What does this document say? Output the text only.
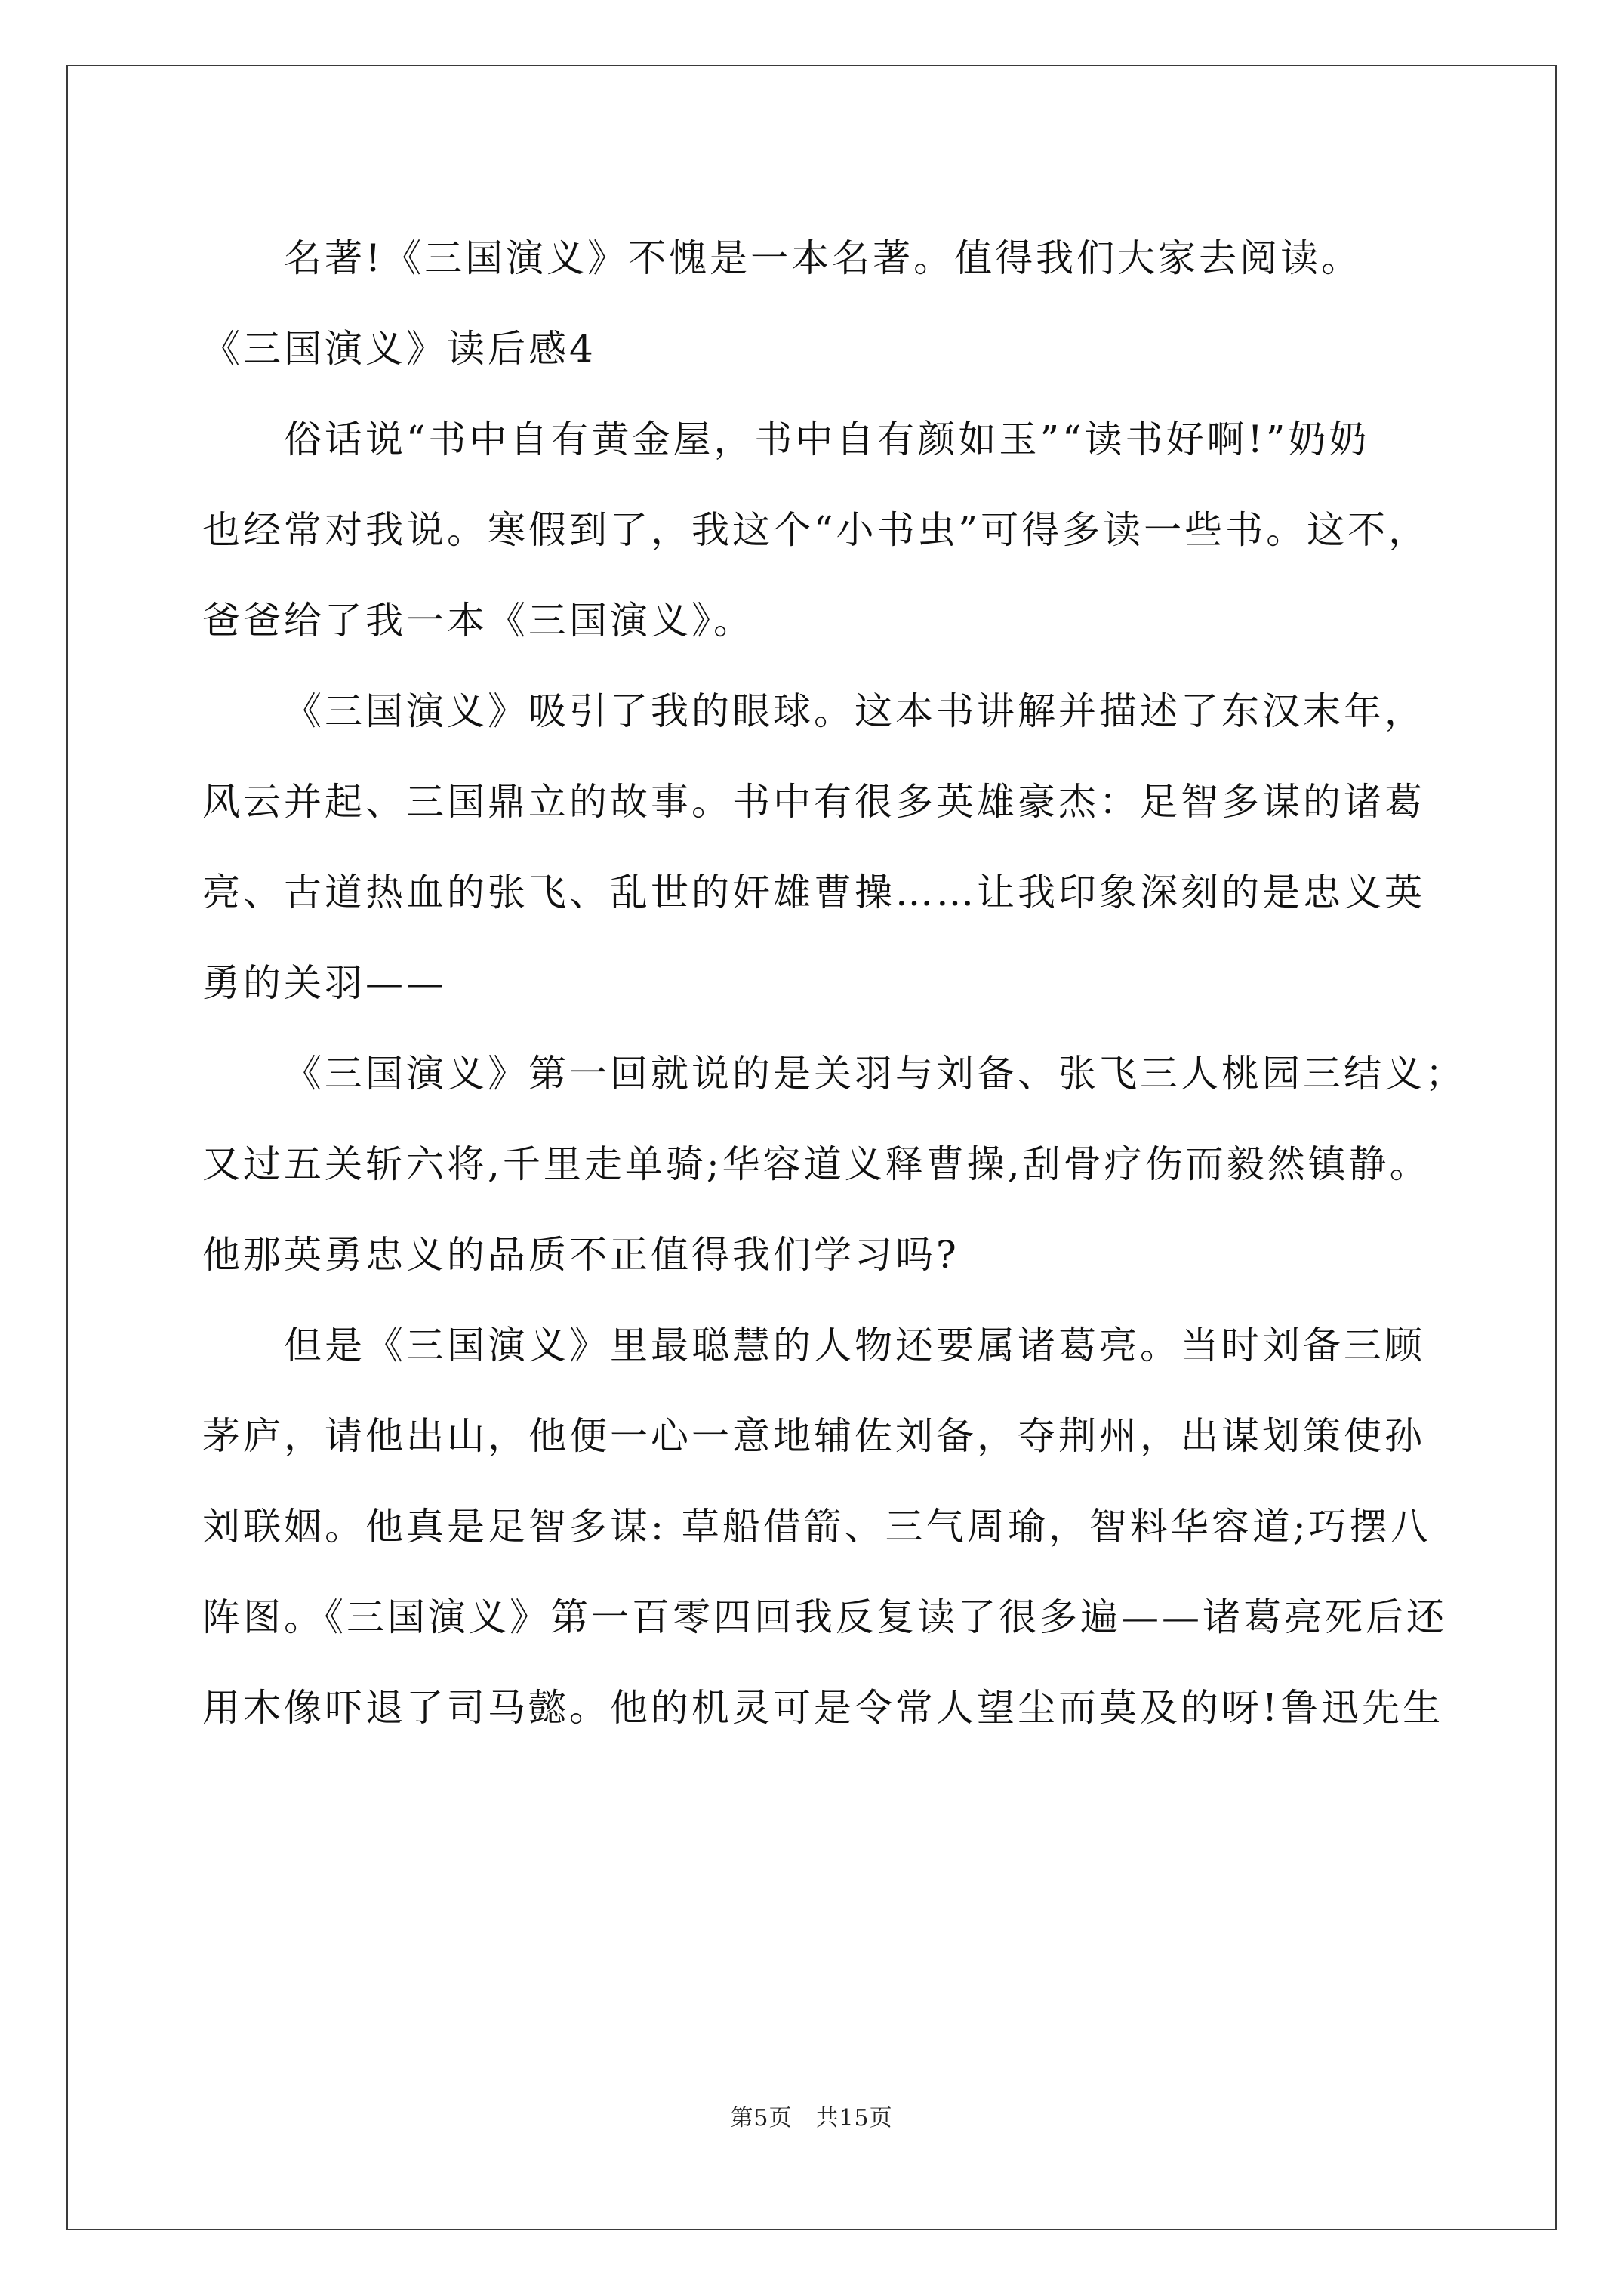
名著!《三国演义》不愧是一本名著。值得我们大家去阅读。
《三国演义》读后感4
俗话说“书中自有黄金屋，书中自有颜如玉”“读书好啊!”奶奶
也经常对我说。寒假到了，我这个“小书虫”可得多读一些书。这不，
爸爸给了我一本《三国演义》。
《三国演义》吸引了我的眼球。这本书讲解并描述了东汉末年，
风云并起、三国鼎立的故事。书中有很多英雄豪杰：足智多谋的诸葛
亮、古道热血的张飞、乱世的奸雄曹操……让我印象深刻的是忠义英
勇的关羽——
《三国演义》第一回就说的是关羽与刘备、张飞三人桃园三结义；
又过五关斩六将,千里走单骑;华容道义释曹操,刮骨疗伤而毅然镇静。
他那英勇忠义的品质不正值得我们学习吗?
但是《三国演义》里最聪慧的人物还要属诸葛亮。当时刘备三顾
茅庐，请他出山，他便一心一意地辅佐刘备，夺荆州，出谋划策使孙
刘联姻。他真是足智多谋: 草船借箭、三气周瑜，智料华容道;巧摆八
阵图。《三国演义》第一百零四回我反复读了很多遍——诸葛亮死后还
用木像吓退了司马懿。他的机灵可是令常人望尘而莫及的呀!鲁迅先生
第5页　共15页
